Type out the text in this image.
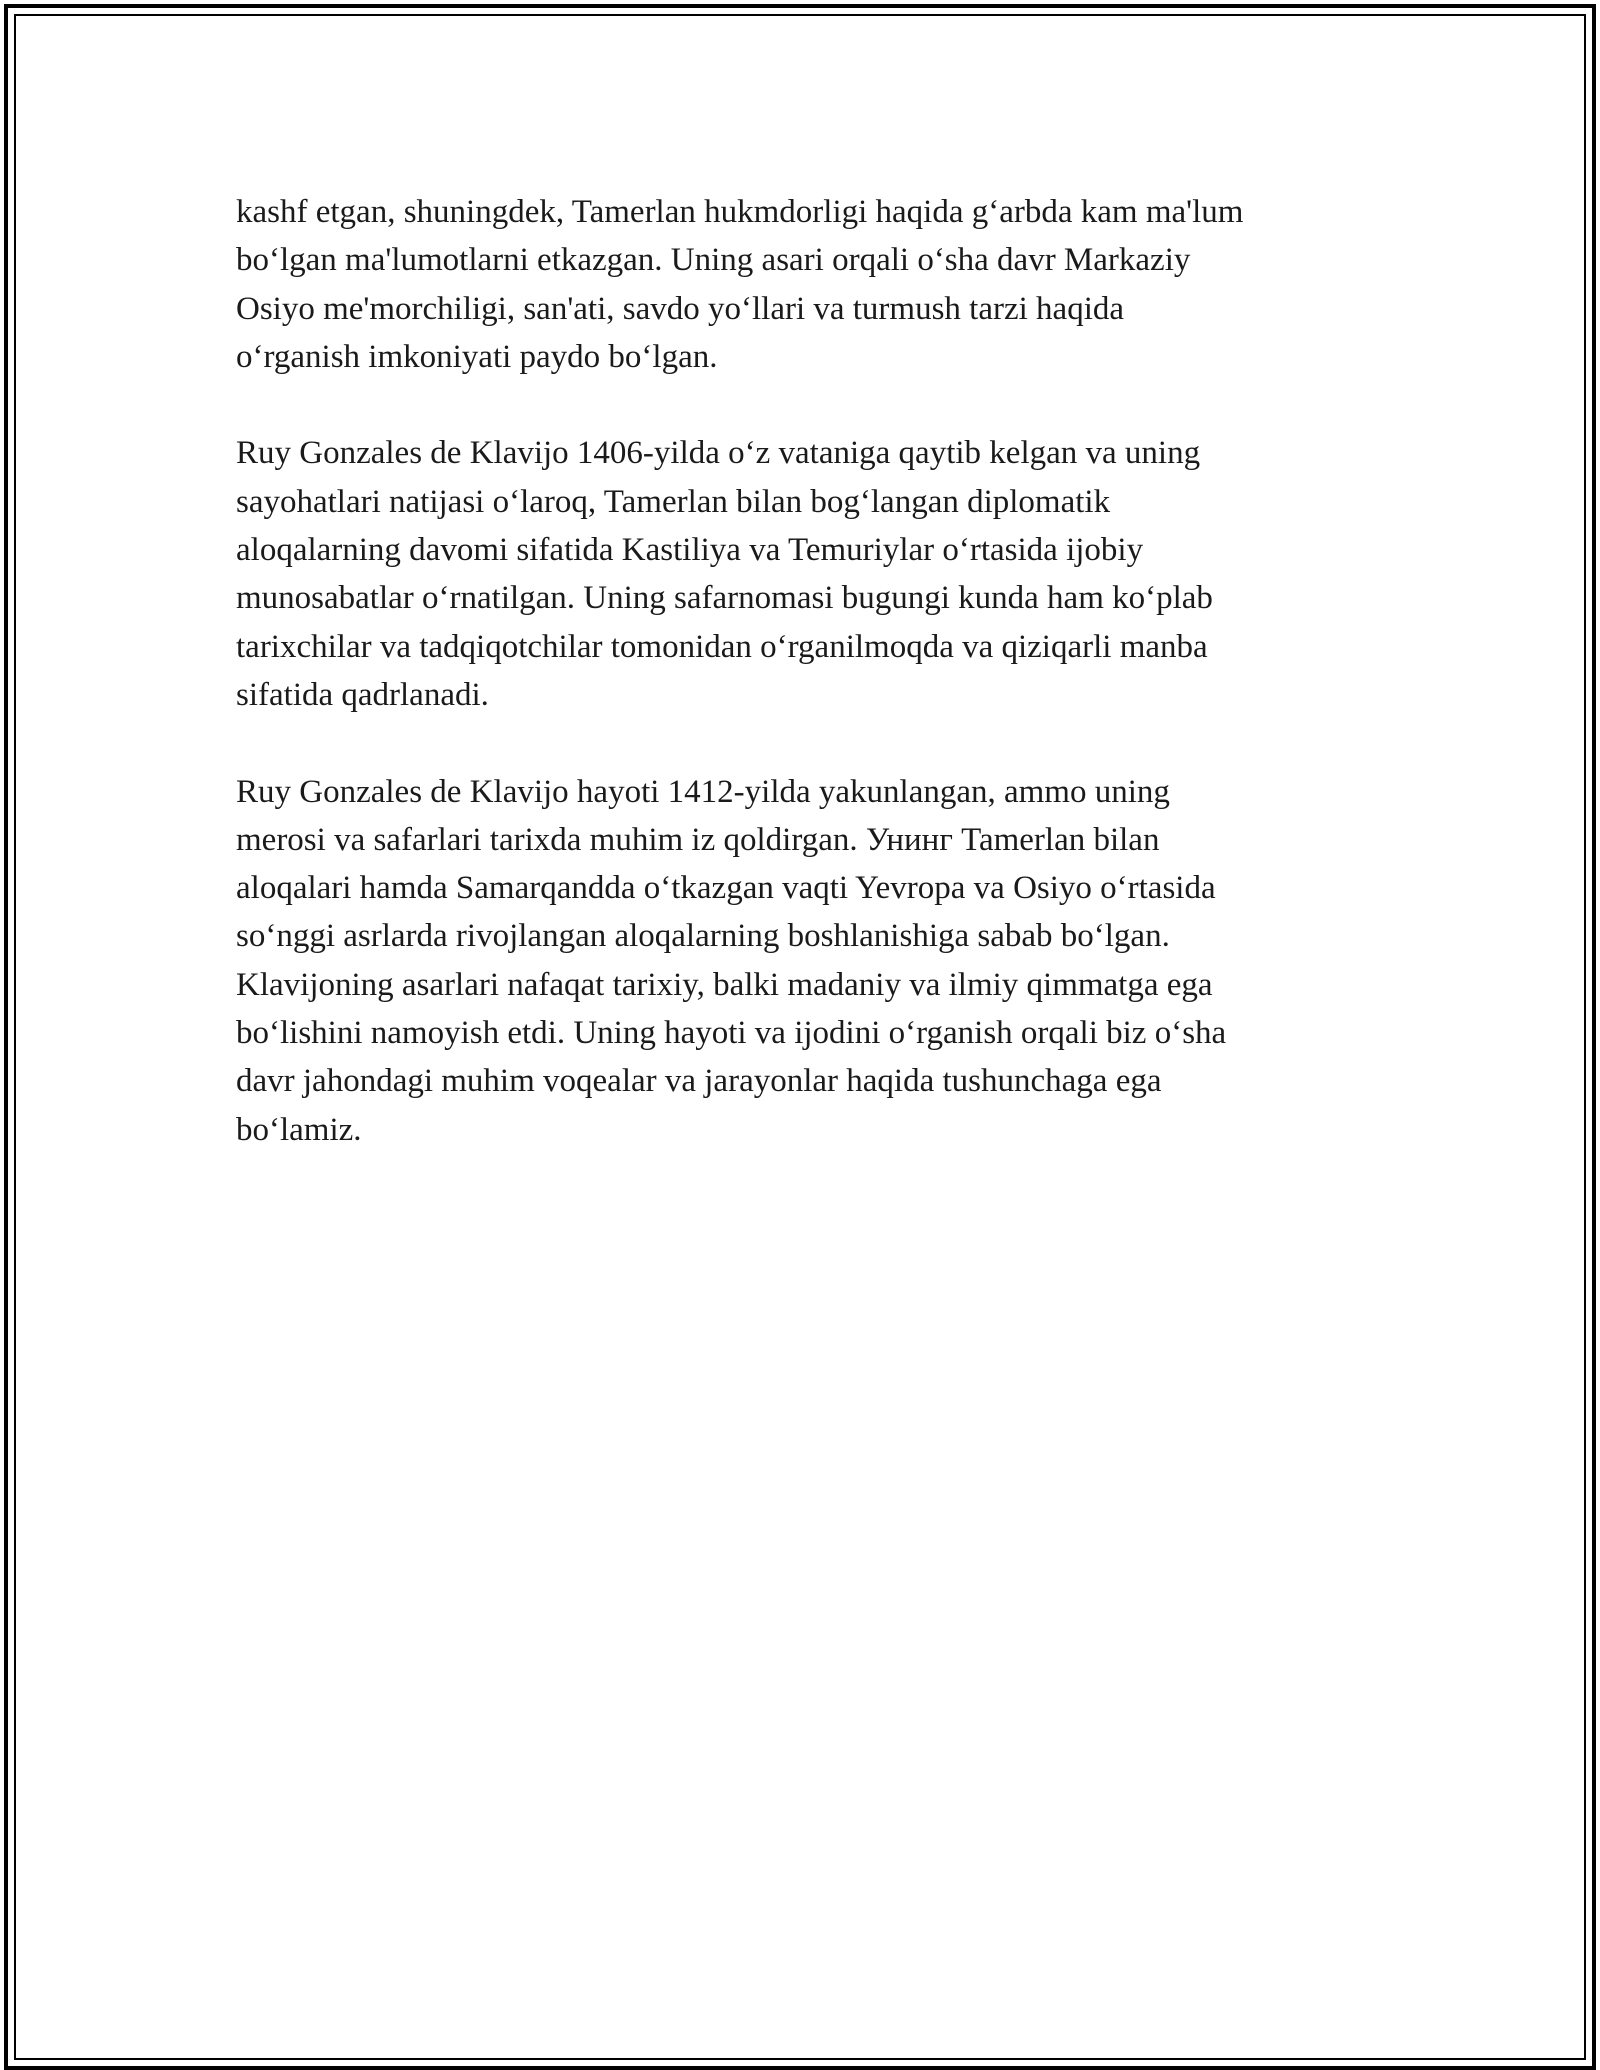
kashf etgan, shuningdek, Tamerlan hukmdorligi haqida g‘arbda kam ma'lum
bo‘lgan ma'lumotlarni etkazgan. Uning asari orqali o‘sha davr Markaziy
Osiyo me'morchiligi, san'ati, savdo yo‘llari va turmush tarzi haqida
o‘rganish imkoniyati paydo bo‘lgan.

Ruy Gonzales de Klavijo 1406-yilda o‘z vataniga qaytib kelgan va uning
sayohatlari natijasi o‘laroq, Tamerlan bilan bog‘langan diplomatik
aloqalarning davomi sifatida Kastiliya va Temuriylar o‘rtasida ijobiy
munosabatlar o‘rnatilgan. Uning safarnomasi bugungi kunda ham ko‘plab
tarixchilar va tadqiqotchilar tomonidan o‘rganilmoqda va qiziqarli manba
sifatida qadrlanadi.

Ruy Gonzales de Klavijo hayoti 1412-yilda yakunlangan, ammo uning
merosi va safarlari tarixda muhim iz qoldirgan. Унинг Tamerlan bilan
aloqalari hamda Samarqandda o‘tkazgan vaqti Yevropa va Osiyo o‘rtasida
so‘nggi asrlarda rivojlangan aloqalarning boshlanishiga sabab bo‘lgan.
Klavijoning asarlari nafaqat tarixiy, balki madaniy va ilmiy qimmatga ega
bo‘lishini namoyish etdi. Uning hayoti va ijodini o‘rganish orqali biz o‘sha
davr jahondagi muhim voqealar va jarayonlar haqida tushunchaga ega
bo‘lamiz.
